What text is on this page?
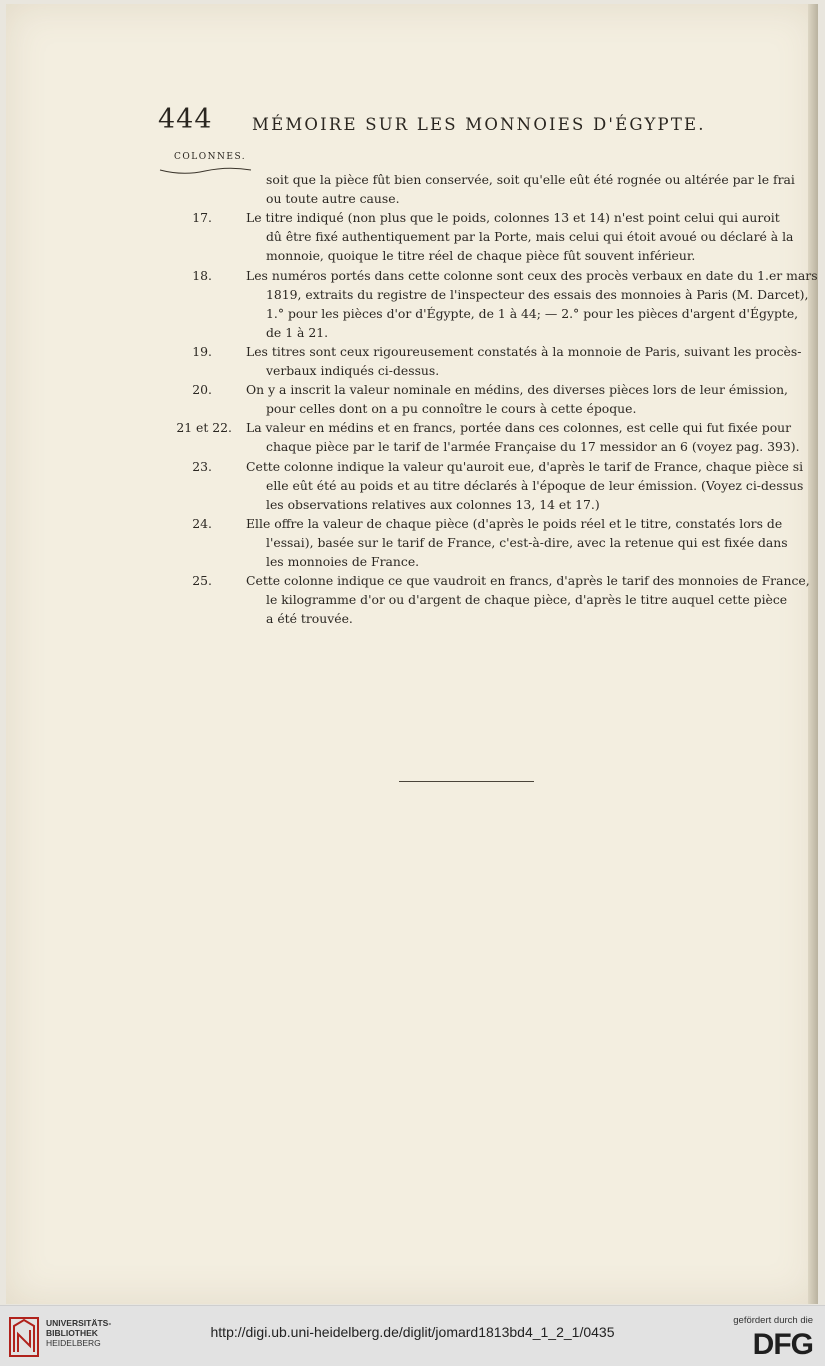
444 MÉMOIRE SUR LES MONNOIES D'ÉGYPTE.
COLONNES.
soit que la pièce fût bien conservée, soit qu'elle eût été rognée ou altérée par le frai
ou toute autre cause.
17.	Le titre indiqué (non plus que le poids, colonnes 13 et 14) n'est point celui qui auroit
dû être fixé authentiquement par la Porte, mais celui qui étoit avoué ou déclaré à la
monnoie, quoique le titre réel de chaque pièce fût souvent inférieur.
18.	Les numéros portés dans cette colonne sont ceux des procès verbaux en date du 1.er mars
1819, extraits du registre de l'inspecteur des essais des monnoies à Paris (M. Darcet),
1.° pour les pièces d'or d'Égypte, de 1 à 44; — 2.° pour les pièces d'argent d'Égypte,
de 1 à 21.
19.	Les titres sont ceux rigoureusement constatés à la monnoie de Paris, suivant les procès-
verbaux indiqués ci-dessus.
20.	On y a inscrit la valeur nominale en médins, des diverses pièces lors de leur émission,
pour celles dont on a pu connoître le cours à cette époque.
21 et 22. La valeur en médins et en francs, portée dans ces colonnes, est celle qui fut fixée pour
chaque pièce par le tarif de l'armée Française du 17 messidor an 6 (voyez pag. 393).
23.	Cette colonne indique la valeur qu'auroit eue, d'après le tarif de France, chaque pièce si
elle eût été au poids et au titre déclarés à l'époque de leur émission. (Voyez ci-dessus
les observations relatives aux colonnes 13, 14 et 17.)
24.	Elle offre la valeur de chaque pièce (d'après le poids réel et le titre, constatés lors de
l'essai), basée sur le tarif de France, c'est-à-dire, avec la retenue qui est fixée dans
les monnoies de France.
25.	Cette colonne indique ce que vaudroit en francs, d'après le tarif des monnoies de France,
le kilogramme d'or ou d'argent de chaque pièce, d'après le titre auquel cette pièce
a été trouvée.
UNIVERSITÄTS-
BIBLIOTHEK
HEIDELBERG
http://digi.ub.uni-heidelberg.de/diglit/jomard1813bd4_1_2_1/0435
gefördert durch die
DFG
